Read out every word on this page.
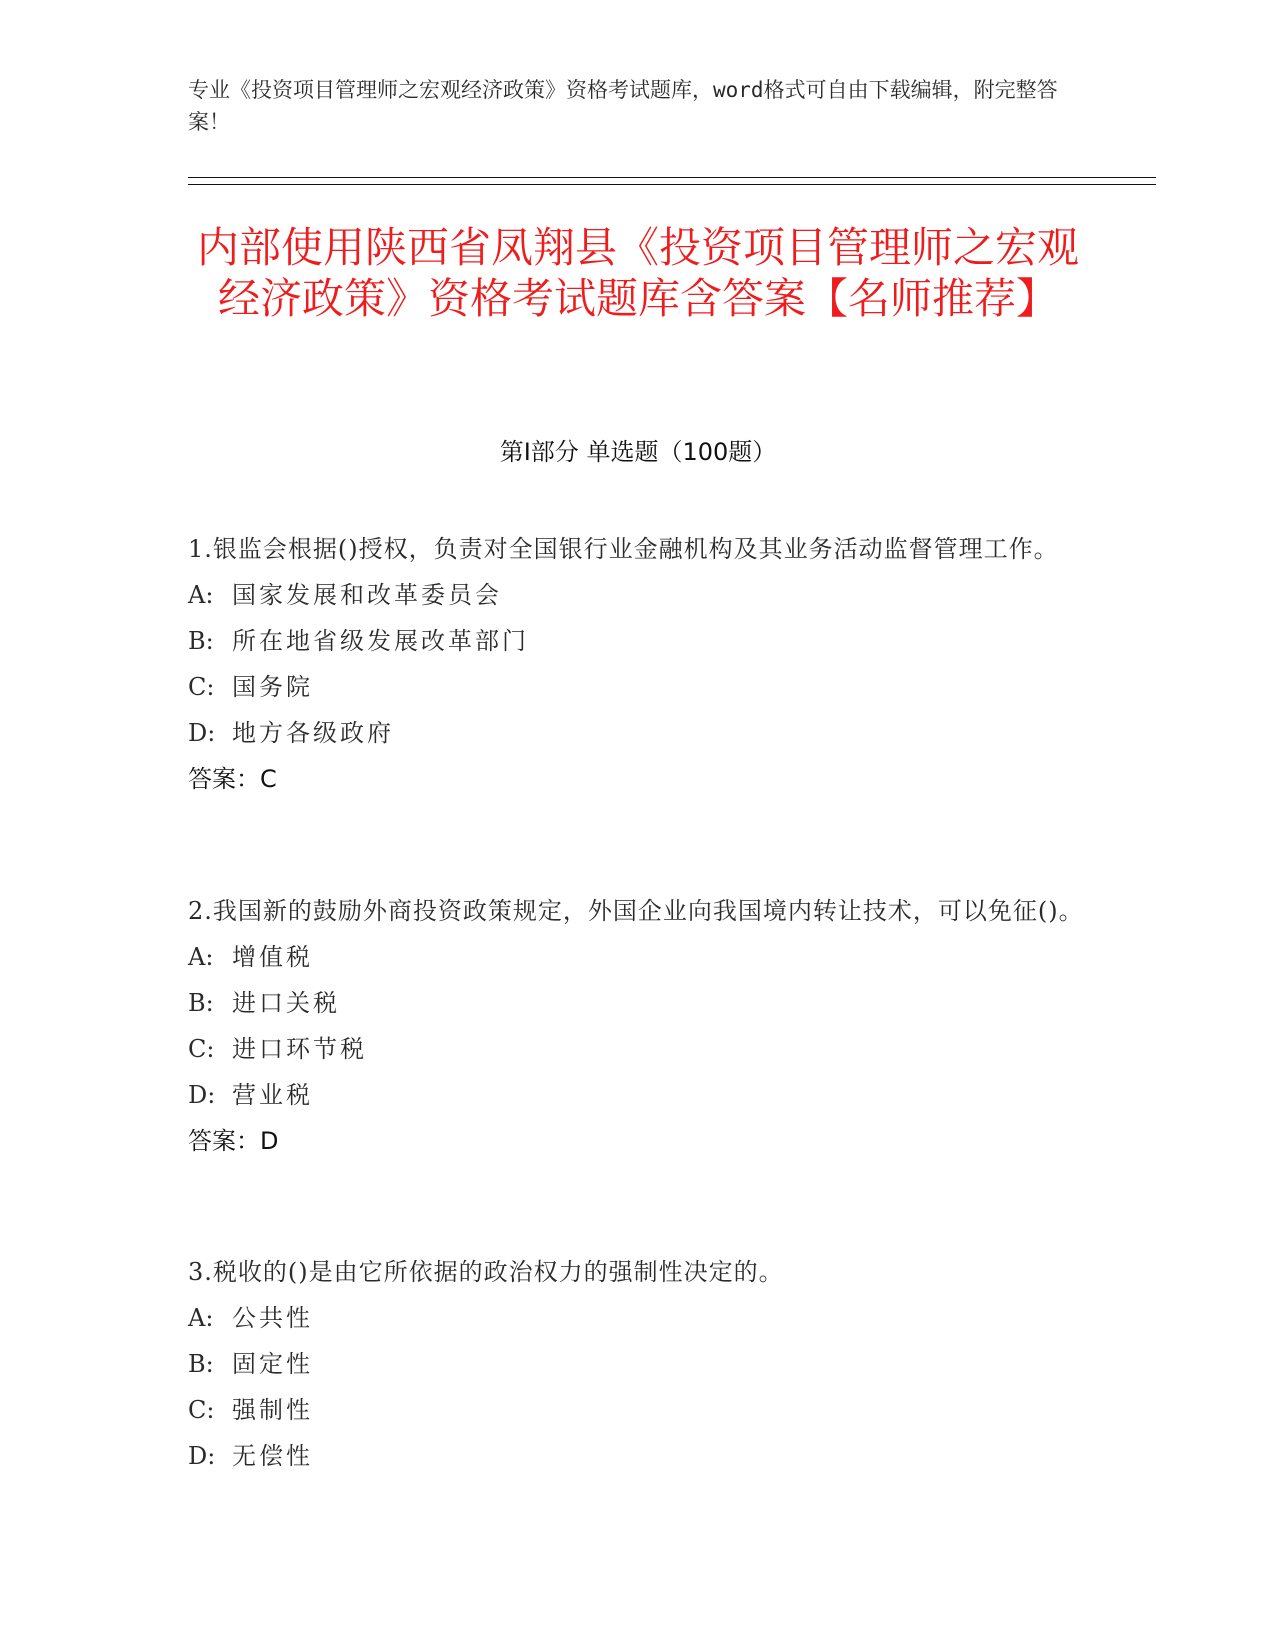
专业《投资项目管理师之宏观经济政策》资格考试题库，word格式可自由下载编辑，附完整答案！
内部使用陕西省凤翔县《投资项目管理师之宏观经济政策》资格考试题库含答案【名师推荐】
第Ⅰ部分 单选题（100题）
1.银监会根据()授权，负责对全国银行业金融机构及其业务活动监督管理工作。
A: 国家发展和改革委员会
B: 所在地省级发展改革部门
C: 国务院
D: 地方各级政府
答案：C
2.我国新的鼓励外商投资政策规定，外国企业向我国境内转让技术，可以免征()。
A: 增值税
B: 进口关税
C: 进口环节税
D: 营业税
答案：D
3.税收的()是由它所依据的政治权力的强制性决定的。
A: 公共性
B: 固定性
C: 强制性
D: 无偿性
